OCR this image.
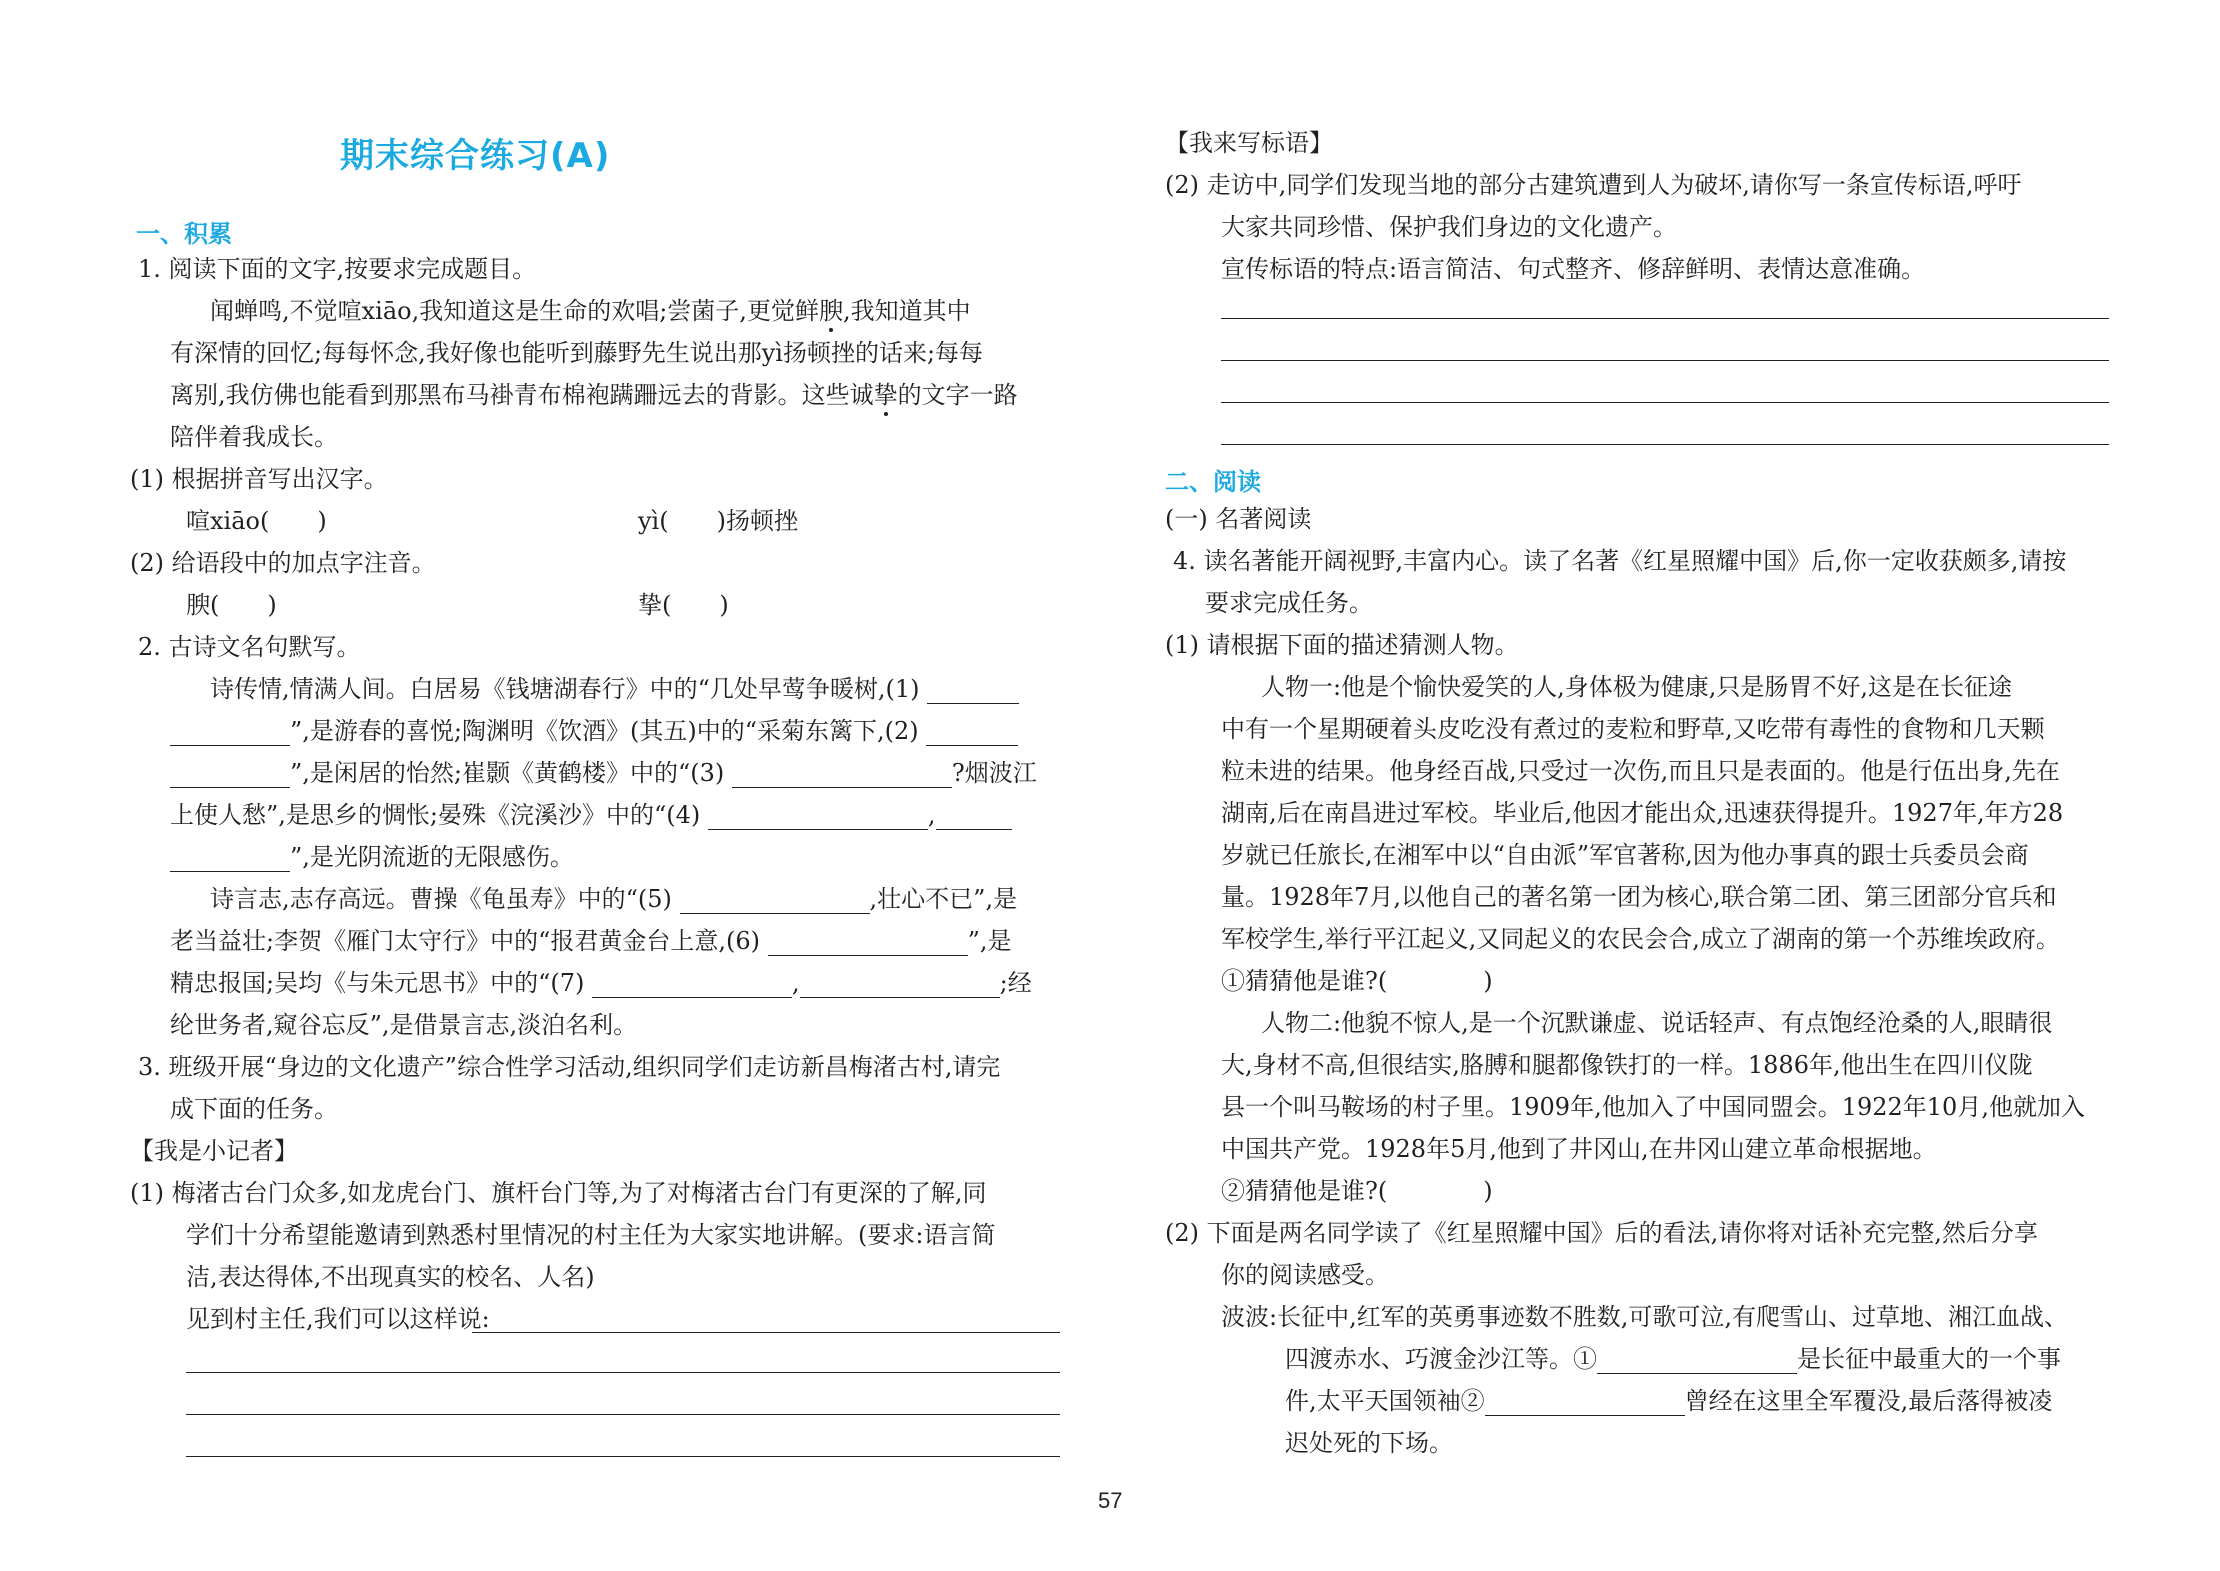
期末综合练习(A)
一、积累
1. 阅读下面的文字,按要求完成题目。
闻蝉鸣,不觉喧xiāo,我知道这是生命的欢唱;尝菌子,更觉鲜腴,我知道其中
有深情的回忆;每每怀念,我好像也能听到藤野先生说出那yì扬顿挫的话来;每每
离别,我仿佛也能看到那黑布马褂青布棉袍蹒跚远去的背影。这些诚挚的文字一路
陪伴着我成长。
(1) 根据拼音写出汉字。
喧xiāo(　　)	yì(　　)扬顿挫
(2) 给语段中的加点字注音。
腴(　　)	挚(　　)
2. 古诗文名句默写。
诗传情,情满人间。白居易《钱塘湖春行》中的“几处早莺争暖树,(1)
”,是游春的喜悦;陶渊明《饮酒》(其五)中的“采菊东篱下,(2)
”,是闲居的怡然;崔颢《黄鹤楼》中的“(3)	?烟波江
上使人愁”,是思乡的惆怅;晏殊《浣溪沙》中的“(4)	,
”,是光阴流逝的无限感伤。
诗言志,志存高远。曹操《龟虽寿》中的“(5)	,壮心不已”,是
老当益壮;李贺《雁门太守行》中的“报君黄金台上意,(6)	”,是
精忠报国;吴均《与朱元思书》中的“(7)	,	;经
纶世务者,窥谷忘反”,是借景言志,淡泊名利。
3. 班级开展“身边的文化遗产”综合性学习活动,组织同学们走访新昌梅渚古村,请完
成下面的任务。
【我是小记者】
(1) 梅渚古台门众多,如龙虎台门、旗杆台门等,为了对梅渚古台门有更深的了解,同
学们十分希望能邀请到熟悉村里情况的村主任为大家实地讲解。(要求:语言简
洁,表达得体,不出现真实的校名、人名)
见到村主任,我们可以这样说:
【我来写标语】
(2) 走访中,同学们发现当地的部分古建筑遭到人为破坏,请你写一条宣传标语,呼吁
大家共同珍惜、保护我们身边的文化遗产。
宣传标语的特点:语言简洁、句式整齐、修辞鲜明、表情达意准确。
二、阅读
(一) 名著阅读
4. 读名著能开阔视野,丰富内心。读了名著《红星照耀中国》后,你一定收获颇多,请按
要求完成任务。
(1) 请根据下面的描述猜测人物。
人物一:他是个愉快爱笑的人,身体极为健康,只是肠胃不好,这是在长征途
中有一个星期硬着头皮吃没有煮过的麦粒和野草,又吃带有毒性的食物和几天颗
粒未进的结果。他身经百战,只受过一次伤,而且只是表面的。他是行伍出身,先在
湖南,后在南昌进过军校。毕业后,他因才能出众,迅速获得提升。1927年,年方28
岁就已任旅长,在湘军中以“自由派”军官著称,因为他办事真的跟士兵委员会商
量。1928年7月,以他自己的著名第一团为核心,联合第二团、第三团部分官兵和
军校学生,举行平江起义,又同起义的农民会合,成立了湖南的第一个苏维埃政府。
①猜猜他是谁?(　　　　)
人物二:他貌不惊人,是一个沉默谦虚、说话轻声、有点饱经沧桑的人,眼睛很
大,身材不高,但很结实,胳膊和腿都像铁打的一样。1886年,他出生在四川仪陇
县一个叫马鞍场的村子里。1909年,他加入了中国同盟会。1922年10月,他就加入
中国共产党。1928年5月,他到了井冈山,在井冈山建立革命根据地。
②猜猜他是谁?(　　　　)
(2) 下面是两名同学读了《红星照耀中国》后的看法,请你将对话补充完整,然后分享
你的阅读感受。
波波:长征中,红军的英勇事迹数不胜数,可歌可泣,有爬雪山、过草地、湘江血战、
四渡赤水、巧渡金沙江等。①	是长征中最重大的一个事
件,太平天国领袖②	曾经在这里全军覆没,最后落得被凌
迟处死的下场。
57
